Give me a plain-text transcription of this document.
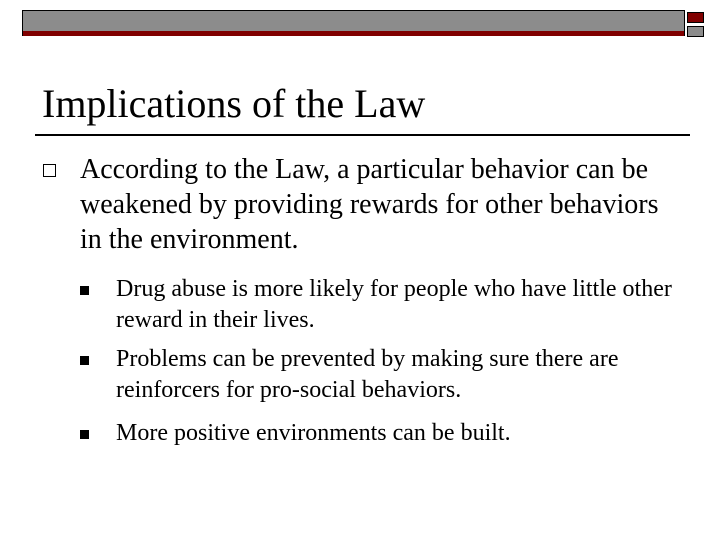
Implications of the Law
According to the Law, a particular behavior can be weakened by providing rewards for other behaviors in the environment.
Drug abuse is more likely for people who have little other reward in their lives.
Problems can be prevented by making sure there are reinforcers for pro-social behaviors.
More positive environments can be built.
